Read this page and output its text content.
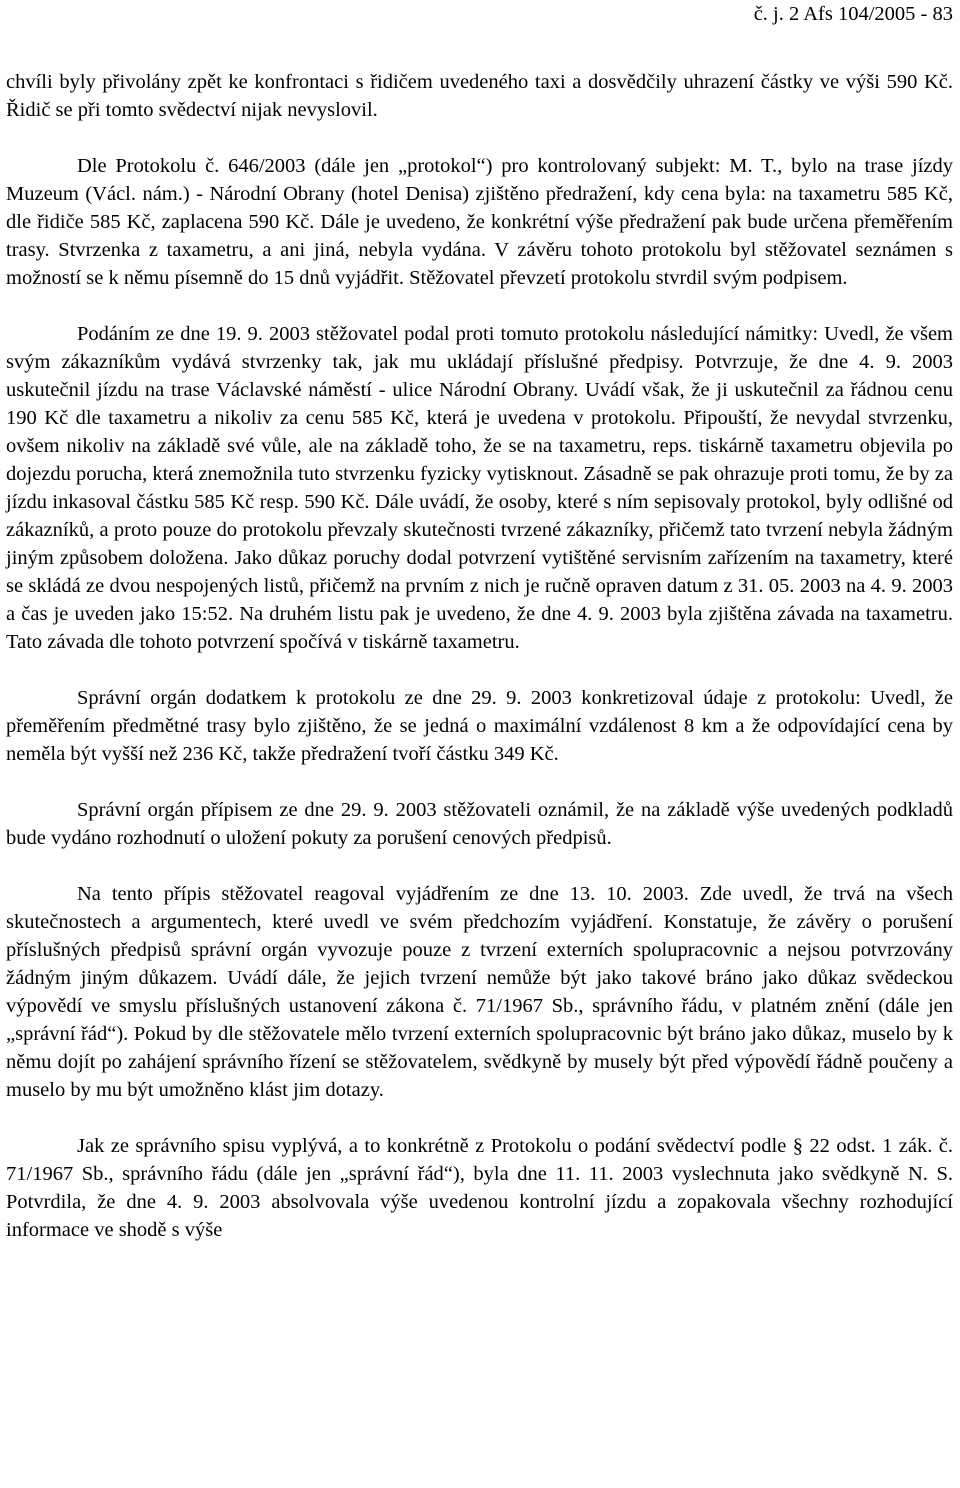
č. j. 2 Afs 104/2005 - 83

chvíli byly přivolány zpět ke konfrontaci s řidičem uvedeného taxi a dosvědčily uhrazení částky ve výši 590 Kč. Řidič se při tomto svědectví nijak nevyslovil.

Dle Protokolu č. 646/2003 (dále jen „protokol“) pro kontrolovaný subjekt: M. T., bylo na trase jízdy Muzeum (Václ. nám.) - Národní Obrany (hotel Denisa) zjištěno předražení, kdy cena byla: na taxametru 585 Kč, dle řidiče 585 Kč, zaplacena 590 Kč. Dále je uvedeno, že konkrétní výše předražení pak bude určena přeměřením trasy. Stvrzenka z taxametru, a ani jiná, nebyla vydána. V závěru tohoto protokolu byl stěžovatel seznámen s možností se k němu písemně do 15 dnů vyjádřit. Stěžovatel převzetí protokolu stvrdil svým podpisem.

Podáním ze dne 19. 9. 2003 stěžovatel podal proti tomuto protokolu následující námitky: Uvedl, že všem svým zákazníkům vydává stvrzenky tak, jak mu ukládají příslušné předpisy. Potvrzuje, že dne 4. 9. 2003 uskutečnil jízdu na trase Václavské náměstí - ulice Národní Obrany. Uvádí však, že ji uskutečnil za řádnou cenu 190 Kč dle taxametru a nikoliv za cenu 585 Kč, která je uvedena v protokolu. Připouští, že nevydal stvrzenku, ovšem nikoliv na základě své vůle, ale na základě toho, že se na taxametru, reps. tiskárně taxametru objevila po dojezdu porucha, která znemožnila tuto stvrzenku fyzicky vytisknout. Zásadně se pak ohrazuje proti tomu, že by za jízdu inkasoval částku 585 Kč resp. 590 Kč. Dále uvádí, že osoby, které s ním sepisovaly protokol, byly odlišné od zákazníků, a proto pouze do protokolu převzaly skutečnosti tvrzené zákazníky, přičemž tato tvrzení nebyla žádným jiným způsobem doložena. Jako důkaz poruchy dodal potvrzení vytištěné servisním zařízením na taxametry, které se skládá ze dvou nespojených listů, přičemž na prvním z nich je ručně opraven datum z 31. 05. 2003 na 4. 9. 2003 a čas je uveden jako 15:52. Na druhém listu pak je uvedeno, že dne 4. 9. 2003 byla zjištěna závada na taxametru. Tato závada dle tohoto potvrzení spočívá v tiskárně taxametru.

Správní orgán dodatkem k protokolu ze dne 29. 9. 2003 konkretizoval údaje z protokolu: Uvedl, že přeměřením předmětné trasy bylo zjištěno, že se jedná o maximální vzdálenost 8 km a že odpovídající cena by neměla být vyšší než 236 Kč, takže předražení tvoří částku 349 Kč.

Správní orgán přípisem ze dne 29. 9. 2003 stěžovateli oznámil, že na základě výše uvedených podkladů bude vydáno rozhodnutí o uložení pokuty za porušení cenových předpisů.

Na tento přípis stěžovatel reagoval vyjádřením ze dne 13. 10. 2003. Zde uvedl, že trvá na všech skutečnostech a argumentech, které uvedl ve svém předchozím vyjádření. Konstatuje, že závěry o porušení příslušných předpisů správní orgán vyvozuje pouze z tvrzení externích spolupracovnic a nejsou potvrzovány žádným jiným důkazem. Uvádí dále, že jejich tvrzení nemůže být jako takové bráno jako důkaz svědeckou výpovědí ve smyslu příslušných ustanovení zákona č. 71/1967 Sb., správního řádu, v platném znění (dále jen „správní řád“). Pokud by dle stěžovatele mělo tvrzení externích spolupracovnic být bráno jako důkaz, muselo by k němu dojít po zahájení správního řízení se stěžovatelem, svědkyně by musely být před výpovědí řádně poučeny a muselo by mu být umožněno klást jim dotazy.

Jak ze správního spisu vyplývá, a to konkrétně z Protokolu o podání svědectví podle § 22 odst. 1 zák. č. 71/1967 Sb., správního řádu (dále jen „správní řád“), byla dne 11. 11. 2003 vyslechnuta jako svědkyně N. S. Potvrdila, že dne 4. 9. 2003 absolvovala výše uvedenou kontrolní jízdu a zopakovala všechny rozhodující informace ve shodě s výše
